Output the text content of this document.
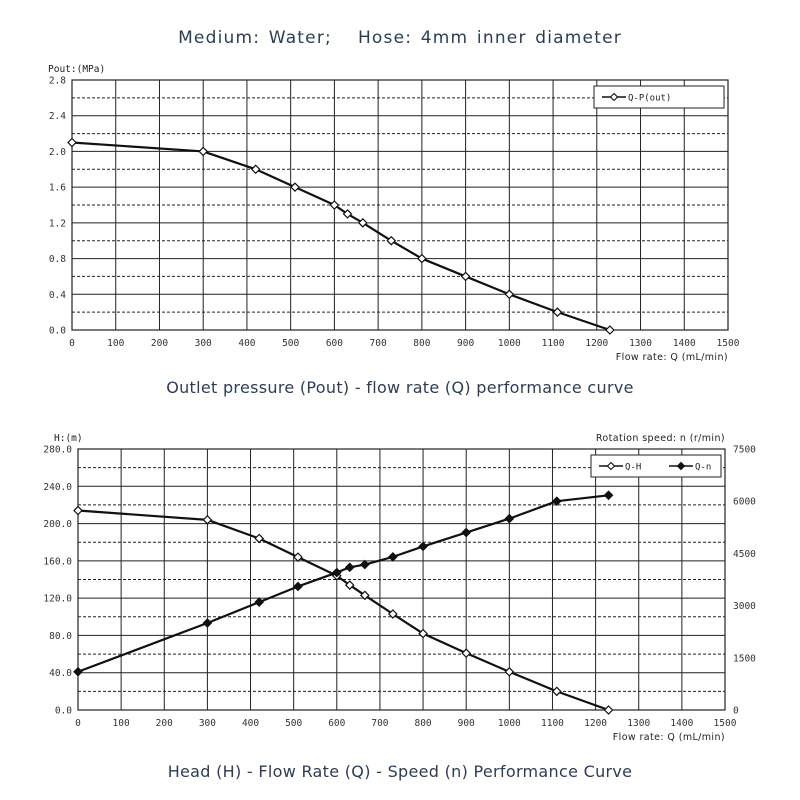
Medium: Water; Hose: 4mm inner diameter
0	100	200	300	400	500	600	700	800	900 1000 1100 1200 1300 1400 1500
0.0
0.4
0.8
1.2
1.6
2.0
2.4
2.8
Pout:(MPa)
Flow rate: Q (mL/min)
Q-P(out)
Outlet pressure (Pout) - flow rate (Q) performance curve
0	100	200	300	400	500	600	700	800	900 1000 1100 1200 1300 1400 1500
0.0
40.0
80.0
120.0
160.0
200.0
240.0
280.0
0
1500
3000
4500
6000
7500
Rotation speed: n (r/min)
H:(m)
Flow rate: Q (mL/min)
Q-H	Q-n
Head (H) - Flow Rate (Q) - Speed (n) Performance Curve
